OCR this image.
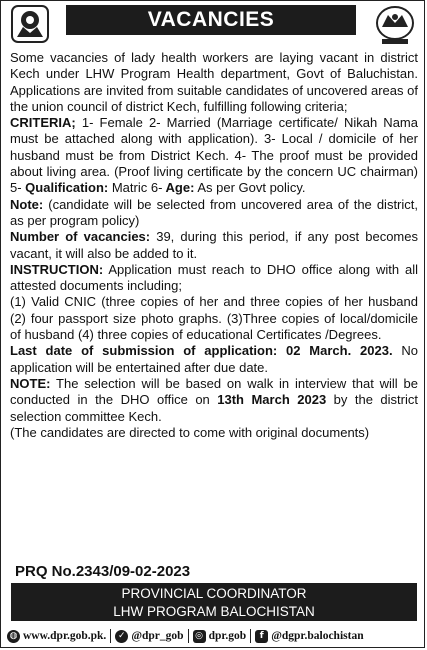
VACANCIES

Some vacancies of lady health workers are laying vacant in district Kech under LHW Program Health department, Govt of Baluchistan. Applications are invited from suitable candidates of uncovered areas of the union council of district Kech, fulfilling following criteria;

CRITERIA; 1- Female 2- Married (Marriage certificate/ Nikah Nama must be attached along with application). 3- Local / domicile of her husband must be from District Kech. 4- The proof must be provided about living area. (Proof living certificate by the concern UC chairman) 5- Qualification: Matric 6- Age: As per Govt policy.

Note: (candidate will be selected from uncovered area of the district, as per program policy)

Number of vacancies: 39, during this period, if any post becomes vacant, it will also be added to it.

INSTRUCTION: Application must reach to DHO office along with all attested documents including;

(1) Valid CNIC (three copies of her and three copies of her husband (2) four passport size photo graphs. (3)Three copies of local/domicile of husband (4) three copies of educational Certificates /Degrees.

Last date of submission of application: 02 March. 2023. No application will be entertained after due date.

NOTE: The selection will be based on walk in interview that will be conducted in the DHO office on 13th March 2023 by the district selection committee Kech.

(The candidates are directed to come with original documents)

PRQ No.2343/09-02-2023
PROVINCIAL COORDINATOR
LHW PROGRAM BALOCHISTAN
◍ www.dpr.gob.pk.	✓ @dpr_gob ◎ dpr.gob	f @dgpr.balochistan
